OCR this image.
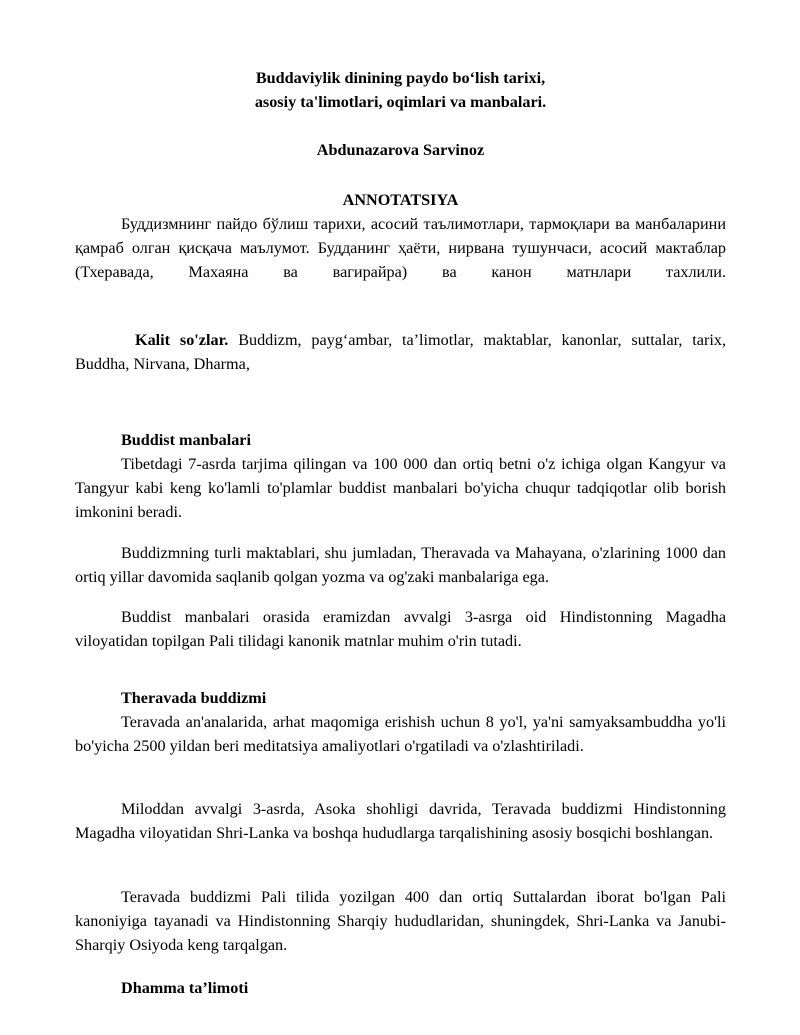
Buddaviylik dinining paydo boʻlish tarixi,
asosiy ta'limotlari, oqimlari va manbalari.
Abdunazarova Sarvinoz
ANNOTATSIYA
Буддизмнинг пайдо бўлиш тарихи, асосий таълимотлари, тармоқлари ва манбаларини қамраб олган қисқача маълумот. Будданинг ҳаёти, нирвана тушунчаси, асосий мактаблар (Тхеравада, Махаяна ва вагирайра) ва канон матнлари тахлили.
Kalit so'zlar. Buddizm, paygʻambar, ta’limotlar, maktablar, kanonlar, suttalar, tarix, Buddha, Nirvana, Dharma,
Buddist manbalari
Tibetdagi 7-asrda tarjima qilingan va 100 000 dan ortiq betni o'z ichiga olgan Kangyur va Tangyur kabi keng ko'lamli to'plamlar buddist manbalari bo'yicha chuqur tadqiqotlar olib borish imkonini beradi.
Buddizmning turli maktablari, shu jumladan, Theravada va Mahayana, o'zlarining 1000 dan ortiq yillar davomida saqlanib qolgan yozma va og'zaki manbalariga ega.
Buddist manbalari orasida eramizdan avvalgi 3-asrga oid Hindistonning Magadha viloyatidan topilgan Pali tilidagi kanonik matnlar muhim o'rin tutadi.
Theravada buddizmi
Teravada an'analarida, arhat maqomiga erishish uchun 8 yo'l, ya'ni samyaksambuddha yo'li bo'yicha 2500 yildan beri meditatsiya amaliyotlari o'rgatiladi va o'zlashtiriladi.
Miloddan avvalgi 3-asrda, Asoka shohligi davrida, Teravada buddizmi Hindistonning Magadha viloyatidan Shri-Lanka va boshqa hududlarga tarqalishining asosiy bosqichi boshlangan.
Teravada buddizmi Pali tilida yozilgan 400 dan ortiq Suttalardan iborat bo'lgan Pali kanoniyiga tayanadi va Hindistonning Sharqiy hududlaridan, shuningdek, Shri-Lanka va Janubi-Sharqiy Osiyoda keng tarqalgan.
Dhamma ta’limoti
